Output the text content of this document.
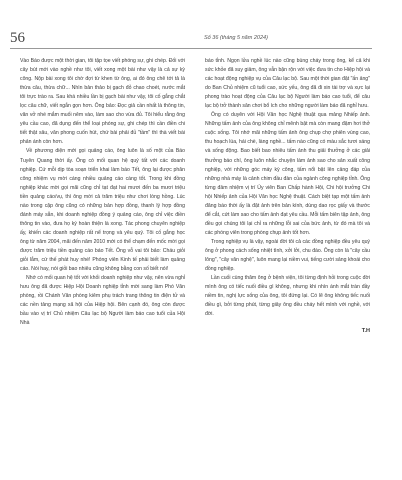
56	Số 36 (tháng 5 năm 2024)

Vào Báo được một thời gian, tôi tập tọe viết phóng sự, ghi chép. Đối với cây bút mới vào nghề như tôi, viết xong một bài như vậy là cả sự kỳ công. Nộp bài xong tôi chờ đợi từ khen từ ông, ai đó ông chê tới tả là thừa câu, thừa chữ... Nhìn bản thảo bị gạch đỏ chao choét, nước mắt tôi trực trào ra. Sau khá nhiều lần bị gạch bài như vậy, tôi cố gắng chắt lọc câu chữ, viết ngắn gọn hơn. Ông bảo: Đọc giả cần nhất là thông tin, văn vở nhé mắm muối nêm vào, làm sao cho vừa đủ. Tôi hiểu rằng ông yêu cầu cao, đã dụng đến thể loại phóng sự, ghi chép thì cần điền chi tiết thật sâu, văn phong cuốn hút, chứ bài phải đủ "tầm" thì thà viết bài phản ánh còn hơn.

Về phương diện mới gọi quảng cáo, ông luôn là số một của Báo Tuyên Quang thời ấy. Ông có mối quan hệ quý tất với các doanh nghiệp. Cứ mỗi dịp tòa soạn triển khai làm báo Tết, ông lại được phân công nhiệm vụ mời cáng nhiều quảng cáo càng tốt. Trong khi đồng nghiệp khác mời gọi mãi cũng chỉ tạt đạt hai mươi đến ba mươi triệu tiền quảng cáo/vụ, thì ông mời cả trăm triệu như chơi lòng hồng. Lúc nào trong cặp ông cũng có những bản hợp đồng, thanh lý hợp đồng đánh máy sẵn, khi doanh nghiệp đồng ý quảng cáo, ông chỉ việc điền thông tin vào, đưa họ ký hoàn thiện là xong. Tác phong chuyên nghiệp ấy, khiến các doanh nghiệp rất nể trọng và yêu quý. Tôi cố gắng học ông từ năm 2004, mãi đến năm 2010 mới có thể chạm đến mốc mời gọi được trăm triệu tiền quảng cáo báo Tết. Ông vỗ vai tôi bảo: Cháu giỏi giỏi lắm, cứ thế phát huy nhé! Phóng viên Kinh tế phải biết làm quảng cáo. Nói hay, nói giỏi bao nhiêu cũng không bằng con số biết nói!

Nhớ có mối quan hệ tốt với khối doanh nghiệp như vậy, nên vừa nghỉ hưu ông đã được Hiệp Hội Doanh nghiệp tỉnh mời sang làm Phó Văn phòng, rồi Chánh Văn phòng kiêm phụ trách trang thông tin điện tử và các nền tảng mạng xã hội của Hiệp hội. Bên cạnh đó, ông còn được bầu vào vị trí Chủ nhiệm Câu lạc bộ Người làm báo cao tuổi của Hội Nhà

báo tỉnh. Ngọn lửa nghề lúc nào cũng bùng cháy trong ông, kể cả khi sức khỏe đã suy giảm, ông vẫn bận rộn với việc đưa tin cho Hiệp hội và các hoạt động nghiệp vụ của Câu lạc bộ. Sau một thời gian đặt "ấn ảng" do Ban Chủ nhiệm cũ tuổi cao, sức yếu, ông đã đi xin tài trợ và xực lại phong trào hoạt động của Câu lạc bộ Người làm báo cao tuổi, để câu lạc bộ trở thành sân chơi bổ ích cho những người làm báo đã nghỉ hưu.

Ông có duyên với Hội Văn học Nghệ thuật qua mảng Nhiếp ảnh. Những tấm ảnh của ông không chỉ mênh bật mà còn mang đậm hơi thở cuộc sống. Tôi nhớ mãi những tấm ảnh ông chụp chợ phiên vùng cao, thu hoạch lúa, hái chè, làng nghề... tấm nào cũng có màu sắc tươi sáng và sống động. Bao biết bao nhiêu tấm ảnh thu giải thưởng ở các giải thưởng báo chí, ông luôn nhắc chuyện làm ảnh sao cho sản xuất công nghiệp, với những góc máy kỳ công, tấm nổi bật lên cảng đáp của những nhà máy là cảnh chim đầu đàn của ngành công nghiệp tỉnh. Ông từng đảm nhiệm vị trí Ủy viên Ban Chấp hành Hội, Chi hội trưởng Chi hội Nhiếp ảnh của Hội Văn học Nghệ thuật. Cách biệt tạp một tấm ảnh đăng báo thời ấy là đặt ảnh trên bản kính, dùng dao rọc giấy và thước để cắt, cứt làm sao cho tấm ảnh đạt yêu cầu. Mỗi tấm biên tập ảnh, ông đều gọi chúng tôi lại chỉ ra những lỗi sai của bức ảnh, từ đó mà tôi và các phóng viên trong phòng chụp ảnh tốt hơn.

Trong nghiệp vụ là vậy, ngoài đời tôi cả các đồng nghiệp đều yêu quý ông ở phong cách sống nhiệt tình, xởi lởi, chu đáo. Ông còn là "cây cầu lông", "cây văn nghệ", luôn mang lại niềm vui, tiếng cười sảng khoái cho đồng nghiệp.

Lần cuối cùng thăm ông ở bệnh viện, tôi từng định hỏi trong cuộc đời mình ông có tiếc nuối điều gì không, nhưng khi nhìn ánh mắt tràn đầy niềm tin, nghị lực sống của ông, tôi đứng lại. Có lẽ ông không tiếc nuối điều gì, bởi từng phút, từng giây ông đều cháy hết mình với nghề, với đời.

T.H
